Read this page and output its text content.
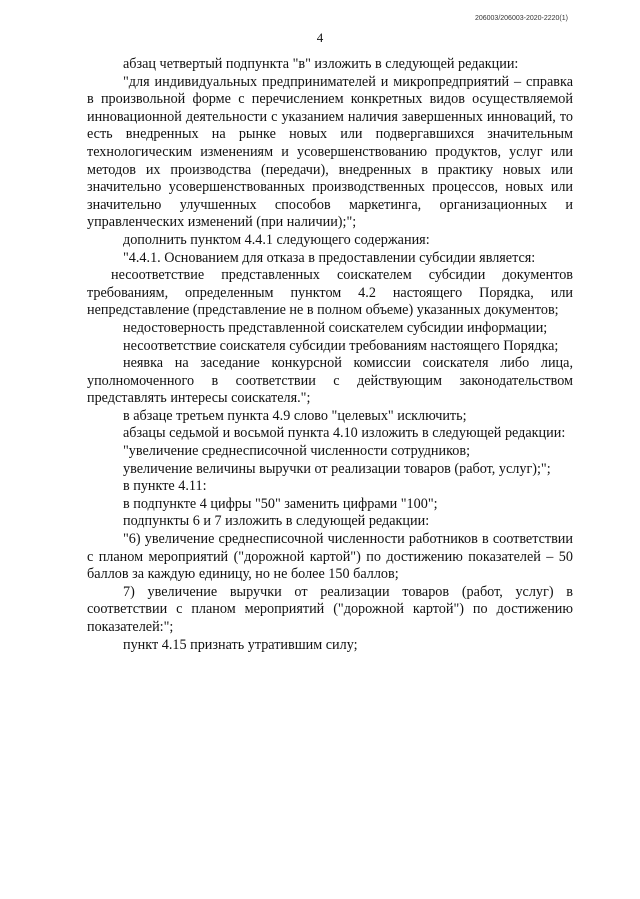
206003/206003-2020-2220(1)
4

абзац четвертый подпункта "в" изложить в следующей редакции:

"для индивидуальных предпринимателей и микропредприятий – справка в произвольной форме с перечислением конкретных видов осуществляемой инновационной деятельности с указанием наличия завершенных инноваций, то есть внедренных на рынке новых или подвергавшихся значительным технологическим изменениям и усовершенствованию продуктов, услуг или методов их производства (передачи), внедренных в практику новых или значительно усовершенствованных производственных процессов, новых или значительно улучшенных способов маркетинга, организационных и управленческих изменений (при наличии);";

дополнить пунктом 4.4.1 следующего содержания:

"4.4.1. Основанием для отказа в предоставлении субсидии является:

несоответствие представленных соискателем субсидии документов требованиям, определенным пунктом 4.2 настоящего Порядка, или непредставление (представление не в полном объеме) указанных документов;

недостоверность представленной соискателем субсидии информации;

несоответствие соискателя субсидии требованиям настоящего Порядка;

неявка на заседание конкурсной комиссии соискателя либо лица, уполномоченного в соответствии с действующим законодательством представлять интересы соискателя.";

в абзаце третьем пункта 4.9 слово "целевых" исключить;

абзацы седьмой и восьмой пункта 4.10 изложить в следующей редакции:

"увеличение среднесписочной численности сотрудников;

увеличение величины выручки от реализации товаров (работ, услуг);";

в пункте 4.11:

в подпункте 4 цифры "50" заменить цифрами "100";

подпункты 6 и 7 изложить в следующей редакции:

"6) увеличение среднесписочной численности работников в соответствии с планом мероприятий ("дорожной картой") по достижению показателей – 50 баллов за каждую единицу, но не более 150 баллов;

7) увеличение выручки от реализации товаров (работ, услуг) в соответствии с планом мероприятий ("дорожной картой") по достижению показателей:";

пункт 4.15 признать утратившим силу;
